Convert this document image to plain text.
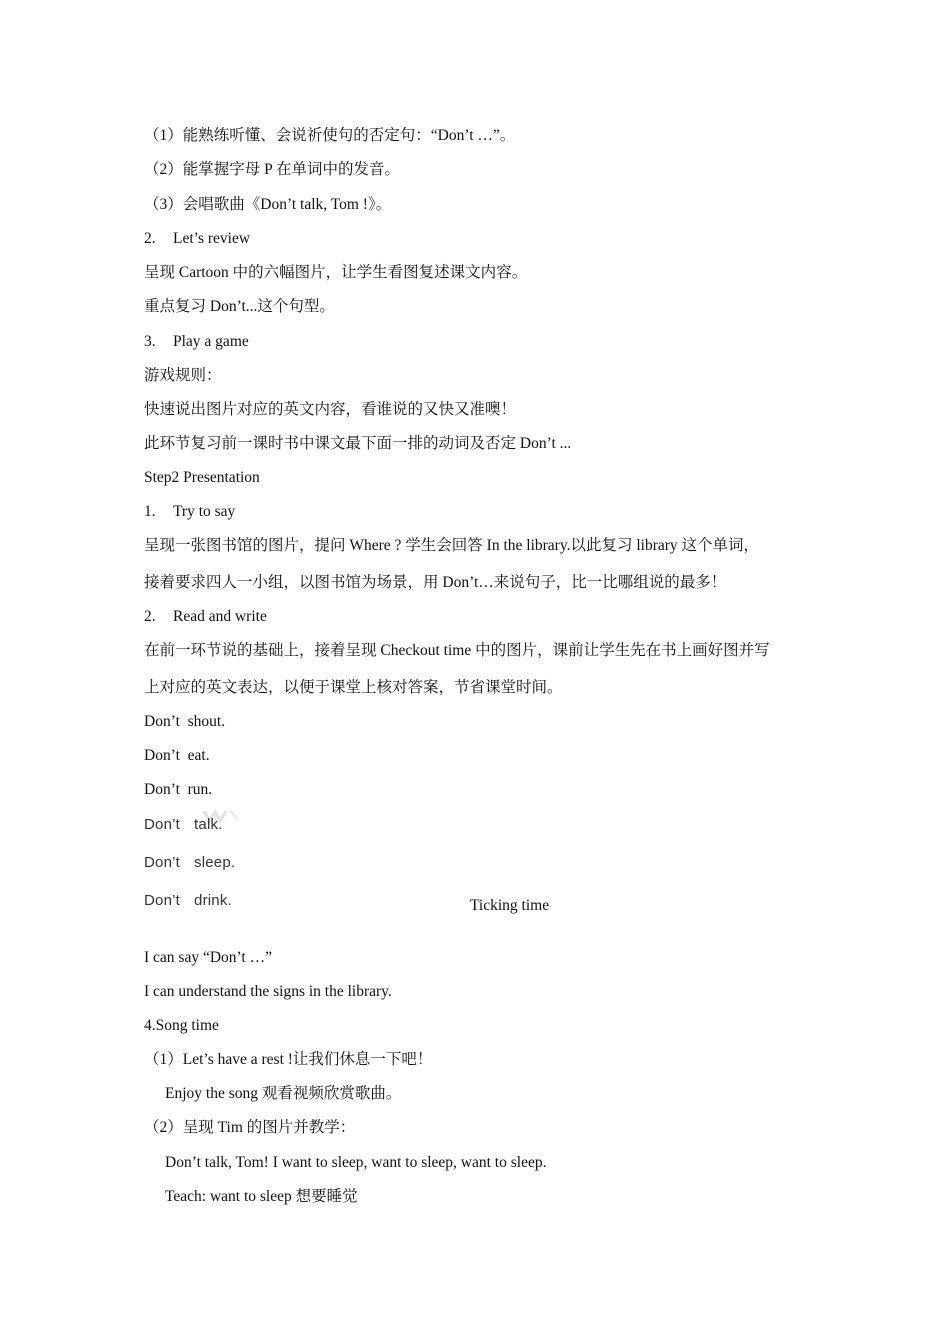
（1）能熟练听懂、会说祈使句的否定句：“Don’t …”。
（2）能掌握字母 P 在单词中的发音。
（3）会唱歌曲《Don’t talk, Tom !》。
2. Let’s review
呈现 Cartoon 中的六幅图片，让学生看图复述课文内容。
重点复习 Don’t...这个句型。
3. Play a game
游戏规则：
快速说出图片对应的英文内容，看谁说的又快又准噢！
此环节复习前一课时书中课文最下面一排的动词及否定 Don’t ...
Step2 Presentation
1. Try to say
呈现一张图书馆的图片，提问 Where ? 学生会回答 In the library.以此复习 library 这个单词，
接着要求四人一小组，以图书馆为场景，用 Don’t…来说句子，比一比哪组说的最多！
2. Read and write
在前一环节说的基础上，接着呈现 Checkout time 中的图片，课前让学生先在书上画好图并写
上对应的英文表达，以便于课堂上核对答案，节省课堂时间。
Don’t  shout.
Don’t  eat.
Don’t  run.
Don’t talk.
Don’t sleep.
Don’t drink.	Ticking time
I can say “Don’t …”
I can understand the signs in the library.
4.Song time
（1）Let’s have a rest !让我们休息一下吧！
Enjoy the song 观看视频欣赏歌曲。
（2）呈现 Tim 的图片并教学：
Don’t talk, Tom! I want to sleep, want to sleep, want to sleep.
Teach: want to sleep 想要睡觉
